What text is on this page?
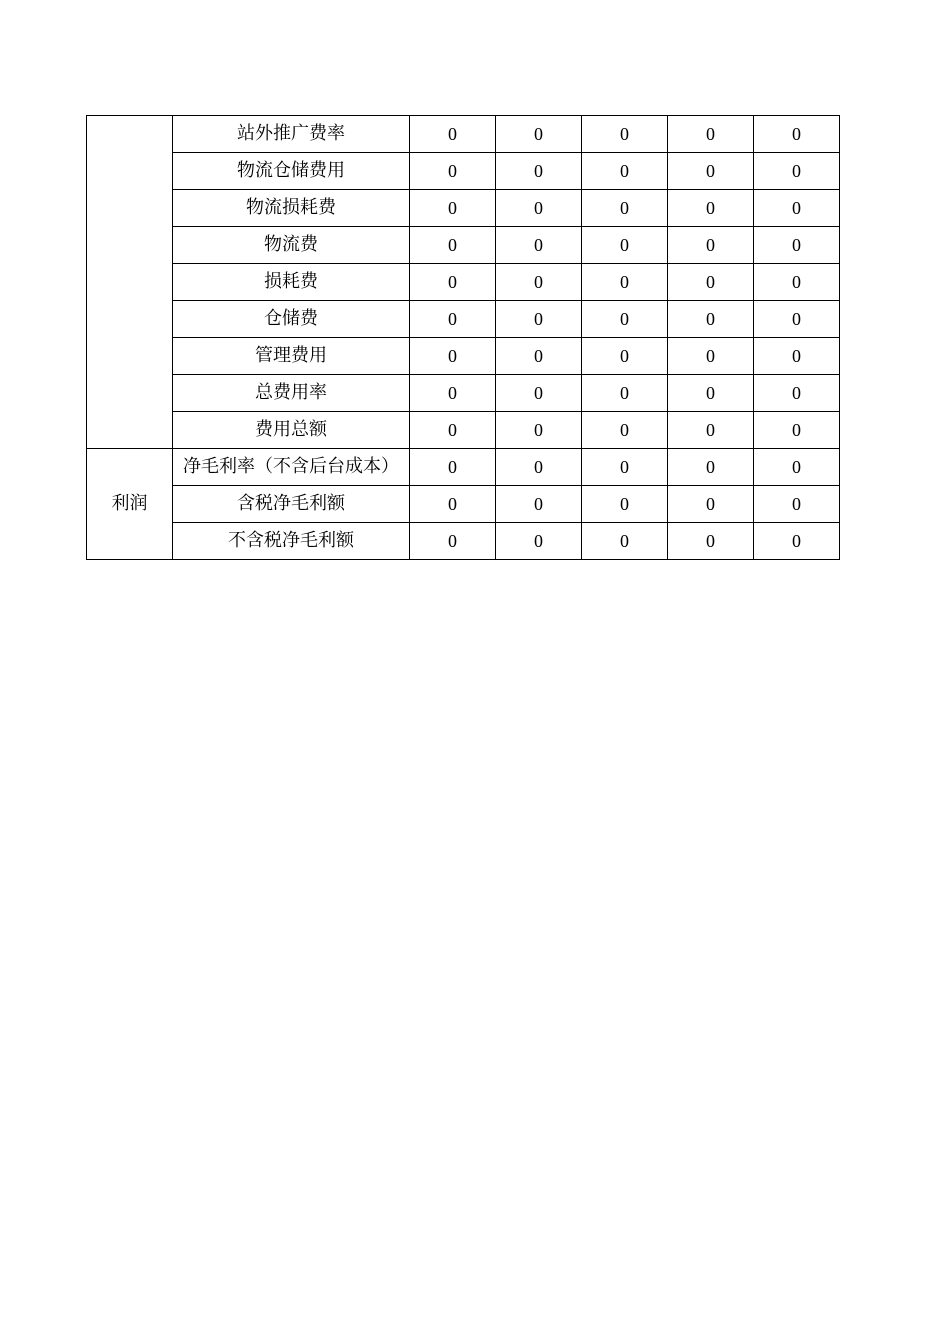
	站外推广费率	0	0	0	0	0
	物流仓储费用	0	0	0	0	0
	物流损耗费	0	0	0	0	0
	物流费	0	0	0	0	0
	损耗费	0	0	0	0	0
	仓储费	0	0	0	0	0
	管理费用	0	0	0	0	0
	总费用率	0	0	0	0	0
	费用总额	0	0	0	0	0
利润	净毛利率（不含后台成本）	0	0	0	0	0
	含税净毛利额	0	0	0	0	0
	不含税净毛利额	0	0	0	0	0
